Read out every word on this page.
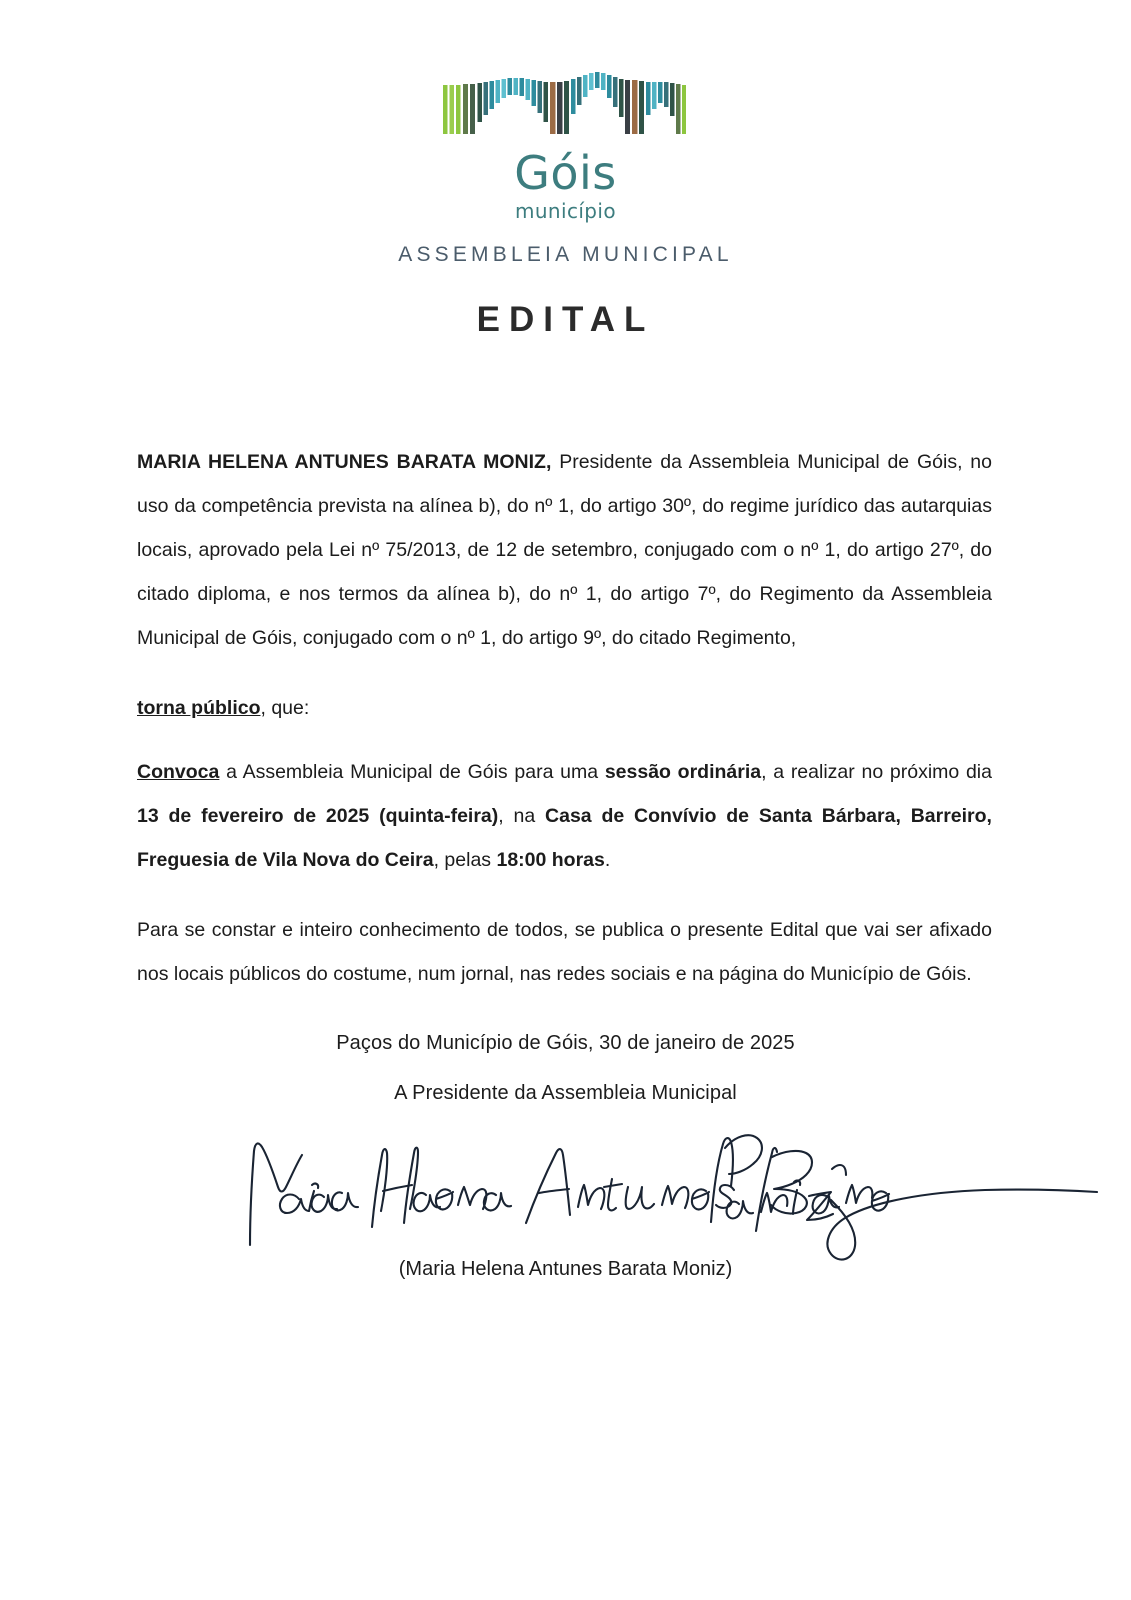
Góis
município
ASSEMBLEIA MUNICIPAL
EDITAL

MARIA HELENA ANTUNES BARATA MONIZ, Presidente da Assembleia Municipal de Góis, no uso da competência prevista na alínea b), do nº 1, do artigo 30º, do regime jurídico das autarquias locais, aprovado pela Lei nº 75/2013, de 12 de setembro, conjugado com o nº 1, do artigo 27º, do citado diploma, e nos termos da alínea b), do nº 1, do artigo 7º, do Regimento da Assembleia Municipal de Góis, conjugado com o nº 1, do artigo 9º, do citado Regimento,

torna público, que:

Convoca a Assembleia Municipal de Góis para uma sessão ordinária, a realizar no próximo dia 13 de fevereiro de 2025 (quinta-feira), na Casa de Convívio de Santa Bárbara, Barreiro, Freguesia de Vila Nova do Ceira, pelas 18:00 horas.

Para se constar e inteiro conhecimento de todos, se publica o presente Edital que vai ser afixado nos locais públicos do costume, num jornal, nas redes sociais e na página do Município de Góis.

Paços do Município de Góis, 30 de janeiro de 2025
A Presidente da Assembleia Municipal
(Maria Helena Antunes Barata Moniz)
